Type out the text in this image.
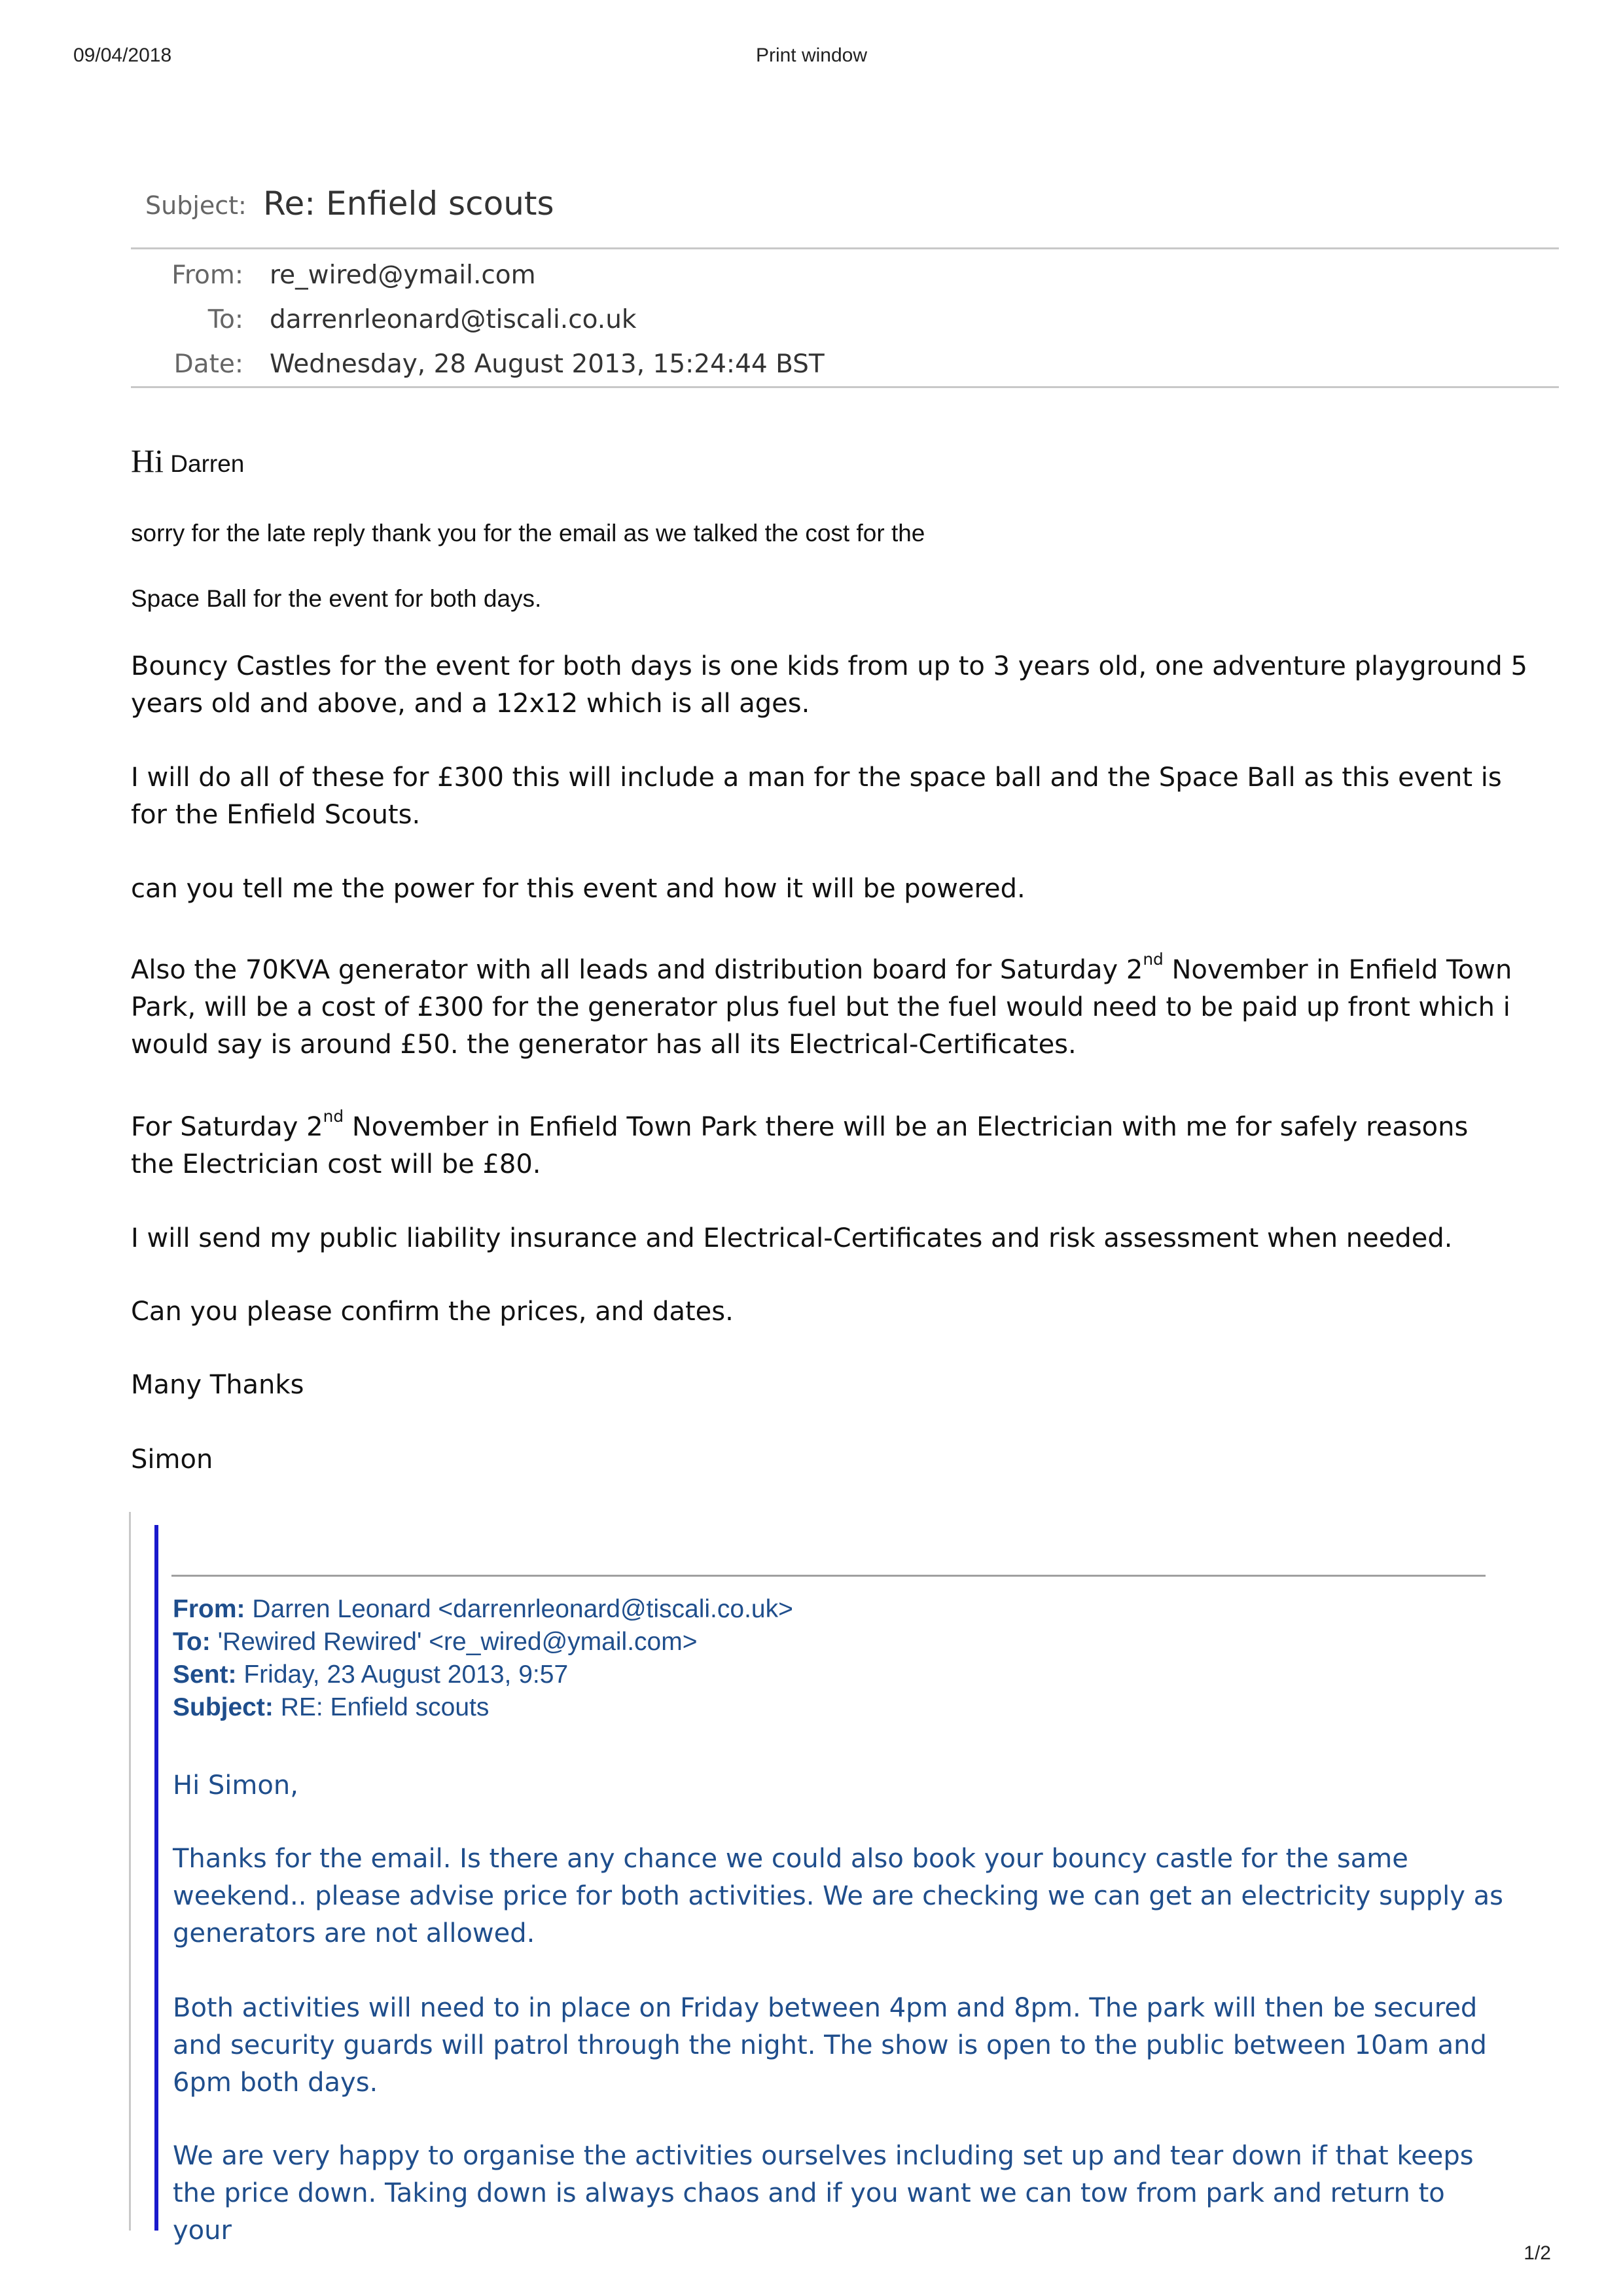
09/04/2018	Print window
Subject: Re: Enfield scouts
From: re_wired@ymail.com
To: darrenrleonard@tiscali.co.uk
Date: Wednesday, 28 August 2013, 15:24:44 BST
Hi Darren
sorry for the late reply thank you for the email as we talked the cost for the
Space Ball for the event for both days.
Bouncy Castles for the event for both days is one kids from up to 3 years old, one adventure playground 5 years old and above, and a 12x12 which is all ages.
I will do all of these for £300 this will include a man for the space ball and the Space Ball as this event is for the Enfield Scouts.
can you tell me the power for this event and how it will be powered.
Also the 70KVA generator with all leads and distribution board for Saturday 2nd November in Enfield Town Park, will be a cost of £300 for the generator plus fuel but the fuel would need to be paid up front which i would say is around £50. the generator has all its Electrical-Certificates.
For Saturday 2nd November in Enfield Town Park there will be an Electrician with me for safely reasons
the Electrician cost will be £80.
I will send my public liability insurance and Electrical-Certificates and risk assessment when needed.
Can you please confirm the prices, and dates.
Many Thanks
Simon
From: Darren Leonard <darrenrleonard@tiscali.co.uk>
To: 'Rewired Rewired' <re_wired@ymail.com>
Sent: Friday, 23 August 2013, 9:57
Subject: RE: Enfield scouts
Hi Simon,
Thanks for the email. Is there any chance we could also book your bouncy castle for the same weekend.. please advise price for both activities. We are checking we can get an electricity supply as generators are not allowed.
Both activities will need to in place on Friday between 4pm and 8pm. The park will then be secured and security guards will patrol through the night. The show is open to the public between 10am and 6pm both days.
We are very happy to organise the activities ourselves including set up and tear down if that keeps the price down. Taking down is always chaos and if you want we can tow from park and return to your
1/2
